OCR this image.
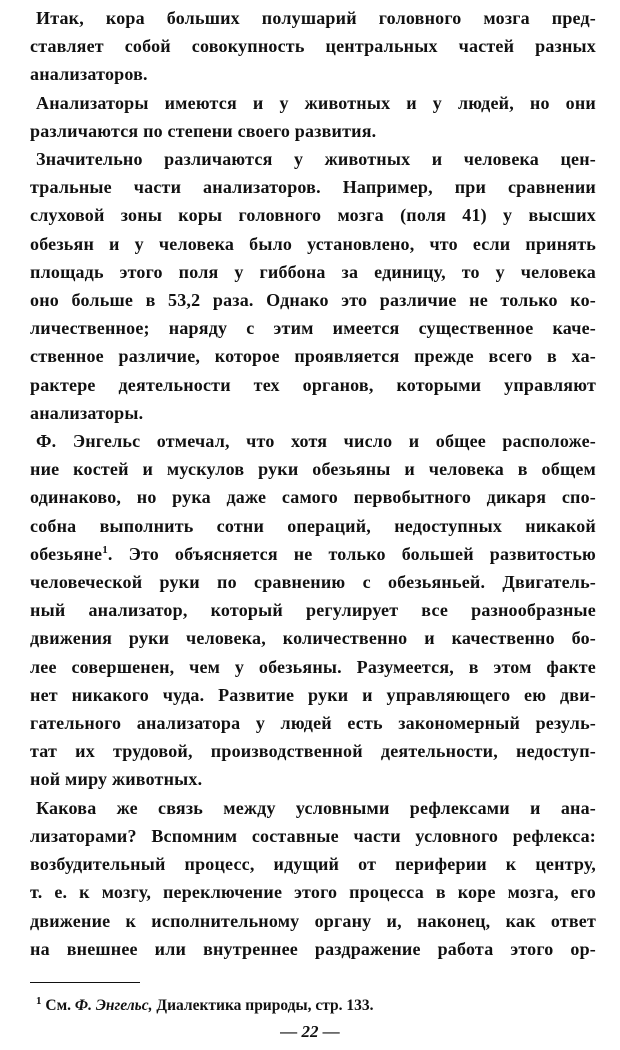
Итак, кора больших полушарий головного мозга пред-
ставляет собой совокупность центральных частей разных
анализаторов.
Анализаторы имеются и у животных и у людей, но они
различаются по степени своего развития.
Значительно различаются у животных и человека цен-
тральные части анализаторов. Например, при сравнении
слуховой зоны коры головного мозга (поля 41) у высших
обезьян и у человека было установлено, что если принять
площадь этого поля у гиббона за единицу, то у человека
оно больше в 53,2 раза. Однако это различие не только ко-
личественное; наряду с этим имеется существенное каче-
ственное различие, которое проявляется прежде всего в ха-
рактере деятельности тех органов, которыми управляют
анализаторы.
Ф. Энгельс отмечал, что хотя число и общее расположе-
ние костей и мускулов руки обезьяны и человека в общем
одинаково, но рука даже самого первобытного дикаря спо-
собна выполнить сотни операций, недоступных никакой
обезьяне$^1$. Это объясняется не только большей развитостью
человеческой руки по сравнению с обезьяньей. Двигатель-
ный анализатор, который регулирует все разнообразные
движения руки человека, количественно и качественно бо-
лее совершенен, чем у обезьяны. Разумеется, в этом факте
нет никакого чуда. Развитие руки и управляющего ею дви-
гательного анализатора у людей есть закономерный резуль-
тат их трудовой, производственной деятельности, недоступ-
ной миру животных.
Какова же связь между условными рефлексами и ана-
лизаторами? Вспомним составные части условного рефлекса:
возбудительный процесс, идущий от периферии к центру,
т. е. к мозгу, переключение этого процесса в коре мозга, его
движение к исполнительному органу и, наконец, как ответ
на внешнее или внутреннее раздражение работа этого ор-
$^1$ См. Ф. Энгельс, Диалектика природы, стр. 133.
— 22 —
